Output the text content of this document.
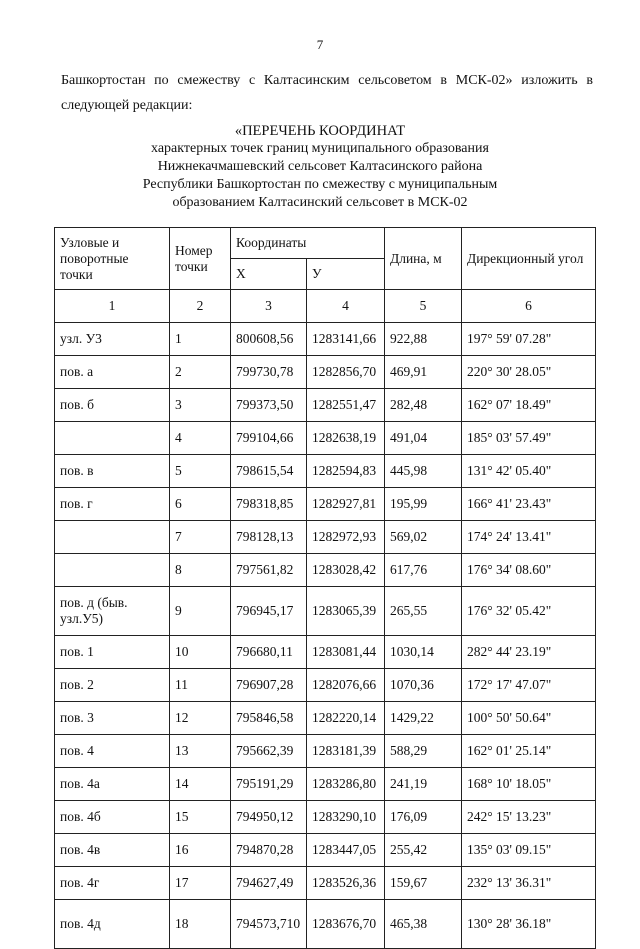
7
Башкортостан по смежеству с Калтасинским сельсоветом в МСК-02» изложить в следующей редакции:
«ПЕРЕЧЕНЬ КООРДИНАТ
характерных точек границ муниципального образования
Нижнекачмашевский сельсовет Калтасинского района
Республики Башкортостан по смежеству с муниципальным
образованием Калтасинский сельсовет в МСК-02
Узловые и поворотные точки	Номер точки	Координаты		Длина, м	Дирекционный угол
		Х	У		
1	2	3	4	5	6
узл. У3	1	800608,56	1283141,66	922,88	197° 59' 07.28"
пов. а	2	799730,78	1282856,70	469,91	220° 30' 28.05"
пов. б	3	799373,50	1282551,47	282,48	162° 07' 18.49"
	4	799104,66	1282638,19	491,04	185° 03' 57.49"
пов. в	5	798615,54	1282594,83	445,98	131° 42' 05.40"
пов. г	6	798318,85	1282927,81	195,99	166° 41' 23.43"
	7	798128,13	1282972,93	569,02	174° 24' 13.41"
	8	797561,82	1283028,42	617,76	176° 34' 08.60"
пов. д (быв. узл.У5)	9	796945,17	1283065,39	265,55	176° 32' 05.42"
пов. 1	10	796680,11	1283081,44	1030,14	282° 44' 23.19"
пов. 2	11	796907,28	1282076,66	1070,36	172° 17' 47.07"
пов. 3	12	795846,58	1282220,14	1429,22	100° 50' 50.64"
пов. 4	13	795662,39	1283181,39	588,29	162° 01' 25.14"
пов. 4а	14	795191,29	1283286,80	241,19	168° 10' 18.05"
пов. 4б	15	794950,12	1283290,10	176,09	242° 15' 13.23"
пов. 4в	16	794870,28	1283447,05	255,42	135° 03' 09.15"
пов. 4г	17	794627,49	1283526,36	159,67	232° 13' 36.31"
пов. 4д	18	794573,710	1283676,70	465,38	130° 28' 36.18"
